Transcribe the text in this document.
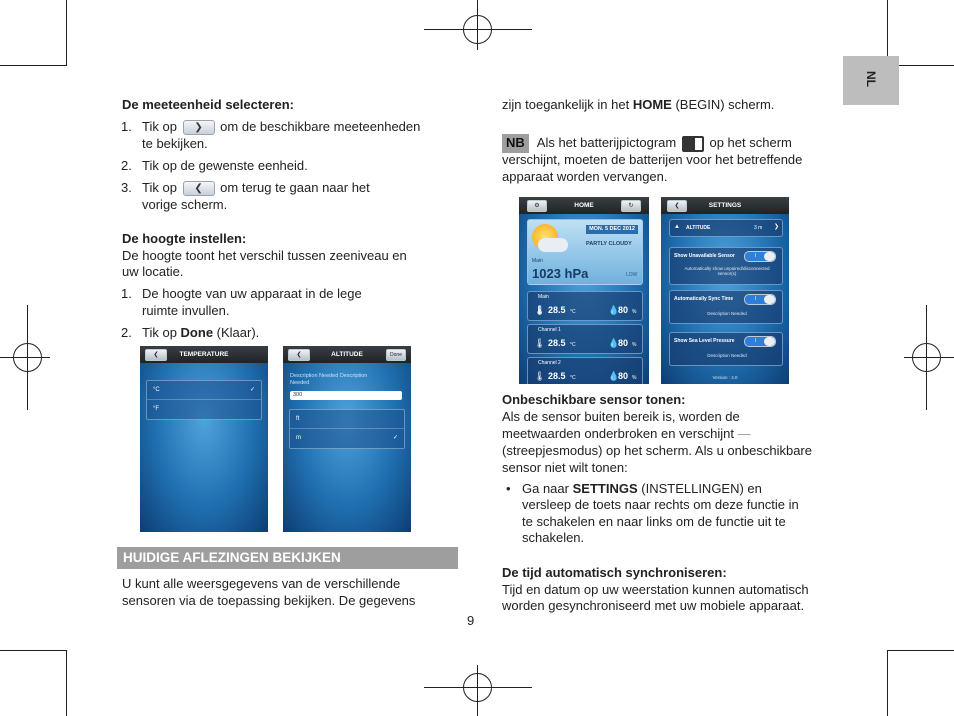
NL
De meeteenheid selecteren:
1. Tik op ❯ om de beschikbare meeteenheden
te bekijken.
2. Tik op de gewenste eenheid.
3. Tik op ❮ om terug te gaan naar het
vorige scherm.
De hoogte instellen:
De hoogte toont het verschil tussen zeeniveau en
uw locatie.
1. De hoogte van uw apparaat in de lege
ruimte invullen.
2. Tik op Done (Klaar).
TEMPERATURE
❮
°C	✓
°F
ALTITUDE
❮	Done
Description Needed Description
Needed
300
ft
m	✓
HUIDIGE AFLEZINGEN BEKIJKEN
U kunt alle weersgegevens van de verschillende
sensoren via de toepassing bekijken. De gegevens
9
zijn toegankelijk in het HOME (BEGIN) scherm.
NB Als het batterijpictogram	op het scherm
verschijnt, moeten de batterijen voor het betreffende
apparaat worden vervangen.
HOME
⚙	↻
MON. 5 DEC 2012
PARTLY CLOUDY
Main
1023 hPa	LOW
Main
🌡 28.5 °C	💧
80 %
Channel 1
🌡 28.5 °C	💧
80 %
Channel 2
🌡 28.5 °C	💧
80 %
SETTINGS
❮
▲ ALTITUDE	3 m ❯
Show Unavailable Sensor	I
Automatically show unpaired/disconnected sensor(s)
Automatically Sync Time	I
Description Needed
Show Sea Level Pressure	I
Description Needed
Version : 4.0
Onbeschikbare sensor tonen:
Als de sensor buiten bereik is, worden de
meetwaarden onderbroken en verschijnt —
(streepjesmodus) op het scherm. Als u onbeschikbare
sensor niet wilt tonen:
• Ga naar SETTINGS (INSTELLINGEN) en
versleep de toets naar rechts om deze functie in
te schakelen en naar links om de functie uit te
schakelen.
De tijd automatisch synchroniseren:
Tijd en datum op uw weerstation kunnen automatisch
worden gesynchroniseerd met uw mobiele apparaat.
